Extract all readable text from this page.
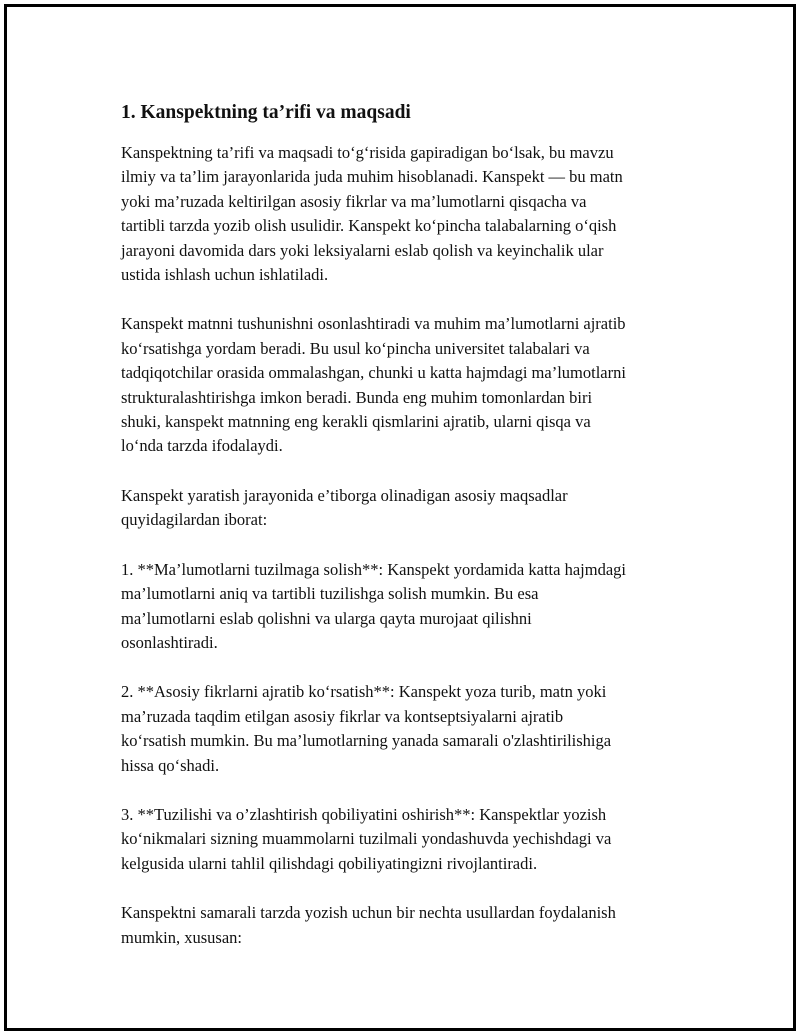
1. Kanspektning ta’rifi va maqsadi

Kanspektning ta’rifi va maqsadi to‘g‘risida gapiradigan bo‘lsak, bu mavzu
ilmiy va ta’lim jarayonlarida juda muhim hisoblanadi. Kanspekt — bu matn
yoki ma’ruzada keltirilgan asosiy fikrlar va ma’lumotlarni qisqacha va
tartibli tarzda yozib olish usulidir. Kanspekt ko‘pincha talabalarning o‘qish
jarayoni davomida dars yoki leksiyalarni eslab qolish va keyinchalik ular
ustida ishlash uchun ishlatiladi.

Kanspekt matnni tushunishni osonlashtiradi va muhim ma’lumotlarni ajratib
ko‘rsatishga yordam beradi. Bu usul ko‘pincha universitet talabalari va
tadqiqotchilar orasida ommalashgan, chunki u katta hajmdagi ma’lumotlarni
strukturalashtirishga imkon beradi. Bunda eng muhim tomonlardan biri
shuki, kanspekt matnning eng kerakli qismlarini ajratib, ularni qisqa va
lo‘nda tarzda ifodalaydi.

Kanspekt yaratish jarayonida e’tiborga olinadigan asosiy maqsadlar
quyidagilardan iborat:

1. **Ma’lumotlarni tuzilmaga solish**: Kanspekt yordamida katta hajmdagi
ma’lumotlarni aniq va tartibli tuzilishga solish mumkin. Bu esa
ma’lumotlarni eslab qolishni va ularga qayta murojaat qilishni
osonlashtiradi.

2. **Asosiy fikrlarni ajratib ko‘rsatish**: Kanspekt yoza turib, matn yoki
ma’ruzada taqdim etilgan asosiy fikrlar va kontseptsiyalarni ajratib
ko‘rsatish mumkin. Bu ma’lumotlarning yanada samarali o'zlashtirilishiga
hissa qo‘shadi.

3. **Tuzilishi va o’zlashtirish qobiliyatini oshirish**: Kanspektlar yozish
ko‘nikmalari sizning muammolarni tuzilmali yondashuvda yechishdagi va
kelgusida ularni tahlil qilishdagi qobiliyatingizni rivojlantiradi.

Kanspektni samarali tarzda yozish uchun bir nechta usullardan foydalanish
mumkin, xususan:
